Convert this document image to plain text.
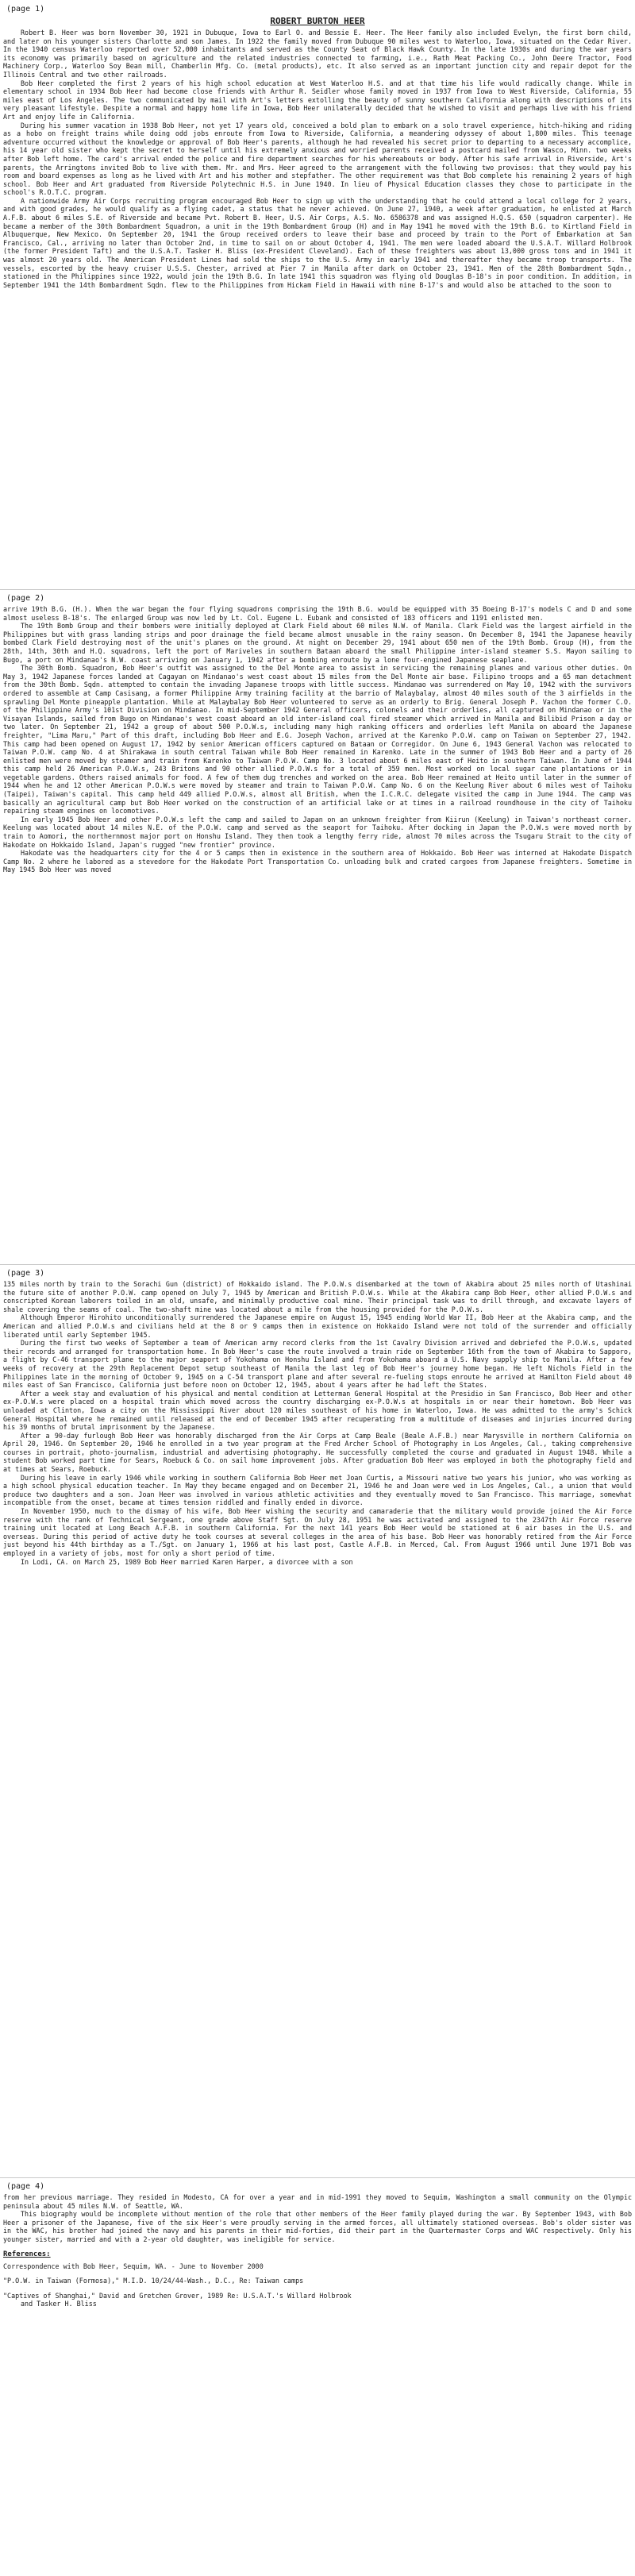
(page 1)
ROBERT BURTON HEER

Robert B. Heer was born November 30, 1921 in Dubuque, Iowa to Earl O. and Bessie E. Heer. The Heer family also included Evelyn, the first born child, and later on his younger sisters Charlotte and son James. In 1922 the family moved from Dubuque 90 miles west to Waterloo, Iowa, situated on the Cedar River. In the 1940 census Waterloo reported over 52,000 inhabitants and served as the County Seat of Black Hawk County. In the late 1930s and during the war years its economy was primarily based on agriculture and the related industries connected to farming, i.e., Rath Meat Packing Co., John Deere Tractor, Food Machinery Corp., Waterloo Soy Bean mill, Chamberlin Mfg. Co. (metal products), etc. It also served as an important junction city and repair depot for the Illinois Central and two other railroads.

Bob Heer completed the first 2 years of his high school education at West Waterloo H.S. and at that time his life would radically change. While in elementary school in 1934 Bob Heer had become close friends with Arthur R. Seidler whose family moved in 1937 from Iowa to West Riverside, California, 55 miles east of Los Angeles. The two communicated by mail with Art's letters extolling the beauty of sunny southern California along with descriptions of its very pleasant lifestyle. Despite a normal and happy home life in Iowa, Bob Heer unilaterally decided that he wished to visit and perhaps live with his friend Art and enjoy life in California.

During his summer vacation in 1938 Bob Heer, not yet 17 years old, conceived a bold plan to embark on a solo travel experience, hitch-hiking and riding as a hobo on freight trains while doing odd jobs enroute from Iowa to Riverside, California, a meandering odyssey of about 1,800 miles. This teenage adventure occurred without the knowledge or approval of Bob Heer's parents, although he had revealed his secret prior to departing to a necessary accomplice, his 14 year old sister who kept the secret to herself until his extremely anxious and worried parents received a postcard mailed from Wasco, Minn. two weeks after Bob left home. The card's arrival ended the police and fire department searches for his whereabouts or body. After his safe arrival in Riverside, Art's parents, the Arringtons invited Bob to live with them. Mr. and Mrs. Heer agreed to the arrangement with the following two provisos: that they would pay his room and board expenses as long as he lived with Art and his mother and stepfather. The other requirement was that Bob complete his remaining 2 years of high school. Bob Heer and Art graduated from Riverside Polytechnic H.S. in June 1940. In lieu of Physical Education classes they chose to participate in the school's R.O.T.C. program.

A nationwide Army Air Corps recruiting program encouraged Bob Heer to sign up with the understanding that he could attend a local college for 2 years, and with good grades, he would qualify as a flying cadet, a status that he never achieved. On June 27, 1940, a week after graduation, he enlisted at March A.F.B. about 6 miles S.E. of Riverside and became Pvt. Robert B. Heer, U.S. Air Corps, A.S. No. 6586378 and was assigned H.Q.S. 650 (squadron carpenter). He became a member of the 30th Bombardment Squadron, a unit in the 19th Bombardment Group (H) and in May 1941 he moved with the 19th B.G. to Kirtland Field in Albuquerque, New Mexico. On September 20, 1941 the Group received orders to leave their base and proceed by train to the Port of Embarkation at San Francisco, Cal., arriving no later than October 2nd, in time to sail on or about October 4, 1941. The men were loaded aboard the U.S.A.T. Willard Holbrook (the former President Taft) and the U.S.A.T. Tasker H. Bliss (ex-President Cleveland). Each of these freighters was about 13,000 gross tons and in 1941 it was almost 20 years old. The American President Lines had sold the ships to the U.S. Army in early 1941 and thereafter they became troop transports. The vessels, escorted by the heavy cruiser U.S.S. Chester, arrived at Pier 7 in Manila after dark on October 23, 1941. Men of the 28th Bombardment Sqdn., stationed in the Philippines since 1922, would join the 19th B.G. In late 1941 this squadron was flying old Douglas B-18's in poor condition. In addition, in September 1941 the 14th Bombardment Sqdn. flew to the Philippines from Hickam Field in Hawaii with nine B-17's and would also be attached to the soon to

(page 2)

arrive 19th B.G. (H.). When the war began the four flying squadrons comprising the 19th B.G. would be equipped with 35 Boeing B-17's models C and D and some almost useless B-18's. The enlarged Group was now led by Lt. Col. Eugene L. Eubank and consisted of 183 officers and 1191 enlisted men.

The 19th Bomb Group and their bombers were initially deployed at Clark Field about 60 miles N.W. of Manila. Clark Field was the largest airfield in the Philippines but with grass landing strips and poor drainage the field became almost unusable in the rainy season. On December 8, 1941 the Japanese heavily bombed Clark Field destroying most of the unit's planes on the ground. At night on December 29, 1941 about 650 men of the 19th Bomb. Group (H), from the 28th, 14th, 30th and H.Q. squadrons, left the port of Mariveles in southern Bataan aboard the small Philippine inter-island steamer S.S. Mayon sailing to Bugo, a port on Mindanao's N.W. coast arriving on January 1, 1942 after a bombing enroute by a lone four-engined Japanese seaplane.

The 30th Bomb. Squadron, Bob Heer's outfit was assigned to the Del Monte area to assist in servicing the remaining planes and various other duties. On May 3, 1942 Japanese forces landed at Cagayan on Mindanao's west coast about 15 miles from the Del Monte air base. Filipino troops and a 65 man detachment from the 30th Bomb. Sqdn. attempted to contain the invading Japanese troops with little success. Mindanao was surrendered on May 10, 1942 with the survivors ordered to assemble at Camp Casisang, a former Philippine Army training facility at the barrio of Malaybalay, almost 40 miles south of the 3 airfields in the sprawling Del Monte pineapple plantation. While at Malaybalay Bob Heer volunteered to serve as an orderly to Brig. General Joseph P. Vachon the former C.O. of the Philippine Army's 101st Division on Mindanao. In mid-September 1942 General officers, colonels and their orderlies, all captured on Mindanao or in the Visayan Islands, sailed from Bugo on Mindanao's west coast aboard an old inter-island coal fired steamer which arrived in Manila and Bilibid Prison a day or two later. On September 21, 1942 a group of about 500 P.O.W.s, including many high ranking officers and orderlies left Manila on aboard the Japanese freighter, "Lima Maru," Part of this draft, including Bob Heer and E.G. Joseph Vachon, arrived at the Karenko P.O.W. camp on Taiwan on September 27, 1942. This camp had been opened on August 17, 1942 by senior American officers captured on Bataan or Corregidor. On June 6, 1943 General Vachon was relocated to Taiwan P.O.W. camp No. 4 at Shirakawa in south central Taiwan while Bob Heer remained in Karenko. Late in the summer of 1943 Bob Heer and a party of 26 enlisted men were moved by steamer and train from Karenko to Taiwan P.O.W. Camp No. 3 located about 6 miles east of Heito in southern Taiwan. In June of 1944 this camp held 26 American P.O.W.s, 243 Britons and 90 other allied P.O.W.s for a total of 359 men. Most worked on local sugar cane plantations or in vegetable gardens. Others raised animals for food. A few of them dug trenches and worked on the area. Bob Heer remained at Heito until later in the summer of 1944 when he and 12 other American P.O.W.s were moved by steamer and train to Taiwan P.O.W. Camp No. 6 on the Keelung River about 6 miles west of Taihoku (Taipei), Taiwan's capital. This camp held 449 allied P.O.W.s, almost all British, when the I.C.R.C. delegate visited the camp in June 1944. The camp was basically an agricultural camp but Bob Heer worked on the construction of an artificial lake or at times in a railroad roundhouse in the city of Taihoku repairing steam engines on locomotives.

In early 1945 Bob Heer and other P.O.W.s left the camp and sailed to Japan on an unknown freighter from Kiirun (Keelung) in Taiwan's northeast corner. Keelung was located about 14 miles N.E. of the P.O.W. camp and served as the seaport for Taihoku. After docking in Japan the P.O.W.s were moved north by train to Aomori, the northernmost major port on Honshu Island. They then took a lengthy ferry ride, almost 70 miles across the Tsugaru Strait to the city of Hakodate on Hokkaido Island, Japan's rugged "new frontier" province.

Hakodate was the headquarters city for the 4 or 5 camps then in existence in the southern area of Hokkaido. Bob Heer was interned at Hakodate Dispatch Camp No. 2 where he labored as a stevedore for the Hakodate Port Transportation Co. unloading bulk and crated cargoes from Japanese freighters. Sometime in May 1945 Bob Heer was moved

(page 3)

135 miles north by train to the Sorachi Gun (district) of Hokkaido island. The P.O.W.s disembarked at the town of Akabira about 25 miles north of Utashinai the future site of another P.O.W. camp opened on July 7, 1945 by American and British P.O.W.s. While at the Akabira camp Bob Heer, other allied P.O.W.s and conscripted Korean laborers toiled in an old, unsafe, and minimally productive coal mine. Their principal task was to drill through, and excavate layers of shale covering the seams of coal. The two-shaft mine was located about a mile from the housing provided for the P.O.W.s.

Although Emperor Hirohito unconditionally surrendered the Japanese empire on August 15, 1945 ending World War II, Bob Heer at the Akabira camp, and the American and allied P.O.W.s and civilians held at the 8 or 9 camps then in existence on Hokkaido Island were not told of the surrender and officially liberated until early September 1945.

During the first two weeks of September a team of American army record clerks from the 1st Cavalry Division arrived and debriefed the P.O.W.s, updated their records and arranged for transportation home. In Bob Heer's case the route involved a train ride on September 16th from the town of Akabira to Sapporo, a flight by C-46 transport plane to the major seaport of Yokohama on Honshu Island and from Yokohama aboard a U.S. Navy supply ship to Manila. After a few weeks of recovery at the 29th Replacement Depot setup southeast of Manila the last leg of Bob Heer's journey home began. He left Nichols Field in the Philippines late in the morning of October 9, 1945 on a C-54 transport plane and after several re-fueling stops enroute he arrived at Hamilton Field about 40 miles east of San Francisco, California just before noon on October 12, 1945, about 4 years after he had left the States.

After a week stay and evaluation of his physical and mental condition at Letterman General Hospital at the Presidio in San Francisco, Bob Heer and other ex-P.O.W.s were placed on a hospital train which moved across the country discharging ex-P.O.W.s at hospitals in or near their hometown. Bob Heer was unloaded at Clinton, Iowa a city on the Mississippi River about 120 miles southeast of his home in Waterloo, Iowa. He was admitted to the army's Schick General Hospital where he remained until released at the end of December 1945 after recuperating from a multitude of diseases and injuries incurred during his 39 months of brutal imprisonment by the Japanese.

After a 90-day furlough Bob Heer was honorably discharged from the Air Corps at Camp Beale (Beale A.F.B.) near Marysville in northern California on April 20, 1946. On September 20, 1946 he enrolled in a two year program at the Fred Archer School of Photography in Los Angeles, Cal., taking comprehensive courses in portrait, photo-journalism, industrial and advertising photography. He successfully completed the course and graduated in August 1948. While a student Bob worked part time for Sears, Roebuck & Co. on sail home improvement jobs. After graduation Bob Heer was employed in both the photography field and at times at Sears, Roebuck.

During his leave in early 1946 while working in southern California Bob Heer met Joan Curtis, a Missouri native two years his junior, who was working as a high school physical education teacher. In May they became engaged and on December 21, 1946 he and Joan were wed in Los Angeles, Cal., a union that would produce two daughters and a son. Joan Heer was involved in various athletic activities and they eventually moved to San Francisco. This marriage, somewhat incompatible from the onset, became at times tension riddled and finally ended in divorce.

In November 1950, much to the dismay of his wife, Bob Heer wishing the security and camaraderie that the military would provide joined the Air Force reserve with the rank of Technical Sergeant, one grade above Staff Sgt. On July 28, 1951 he was activated and assigned to the 2347th Air Force reserve training unit located at Long Beach A.F.B. in southern California. For the next 141 years Bob Heer would be stationed at 6 air bases in the U.S. and overseas. During this period of active duty he took courses at several colleges in the area of his base. Bob Heer was honorably retired from the Air Force just beyond his 44th birthday as a T./Sgt. on January 1, 1966 at his last post, Castle A.F.B. in Merced, Cal. From August 1966 until June 1971 Bob was employed in a variety of jobs, most for only a short period of time.

In Lodi, CA. on March 25, 1989 Bob Heer married Karen Harper, a divorcee with a son

(page 4)

from her previous marriage. They resided in Modesto, CA for over a year and in mid-1991 they moved to Sequim, Washington a small community on the Olympic peninsula about 45 miles N.W. of Seattle, WA.

This biography would be incomplete without mention of the role that other members of the Heer family played during the war. By September 1943, with Bob Heer a prisoner of the Japanese, five of the six Heer's were proudly serving in the armed forces, all ultimately stationed overseas. Bob's older sister was in the WAC, his brother had joined the navy and his parents in their mid-forties, did their part in the Quartermaster Corps and WAC respectively. Only his younger sister, married and with a 2-year old daughter, was ineligible for service.

References:

Correspondence with Bob Heer, Sequim, WA. - June to November 2000

"P.O.W. in Taiwan (Formosa)," M.I.D. 10/24/44-Wash., D.C., Re: Taiwan camps

"Captives of Shanghai," David and Gretchen Grover, 1989 Re: U.S.A.T.'s Willard Holbrook

and Tasker H. Bliss
